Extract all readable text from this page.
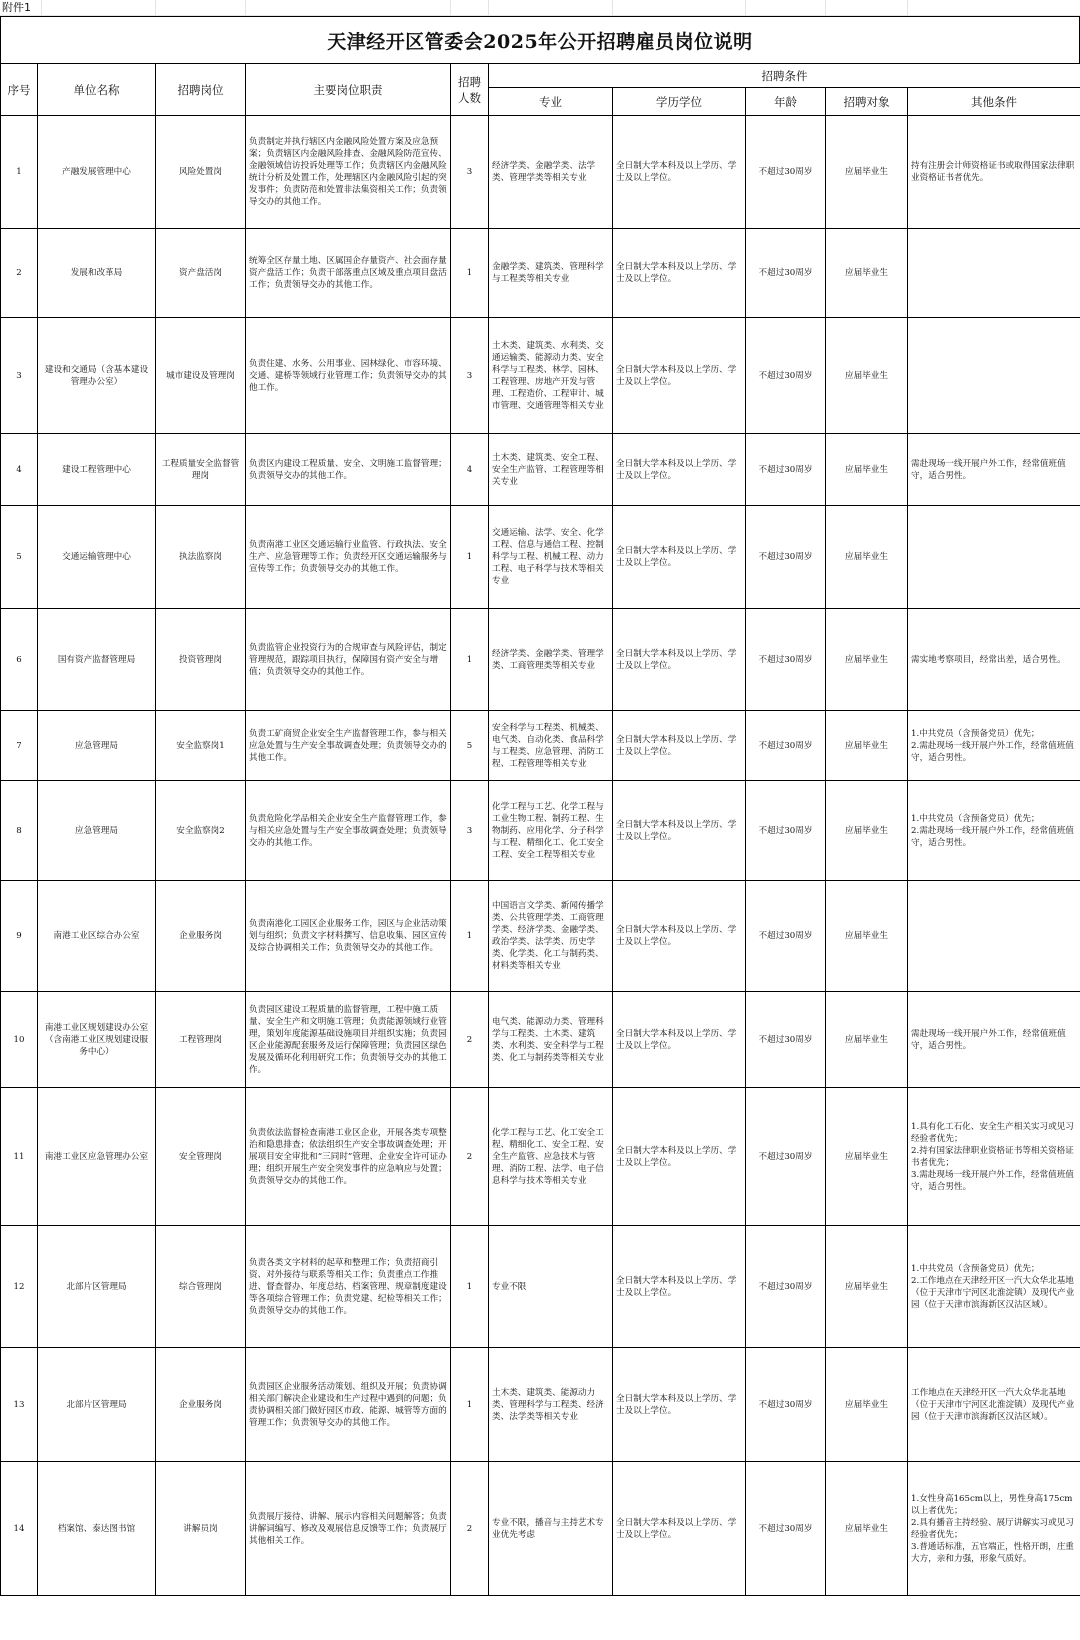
附件1
天津经开区管委会2025年公开招聘雇员岗位说明
序号	单位名称	招聘岗位	主要岗位职责	招聘人数	招聘条件				
					专业	学历学位	年龄	招聘对象	其他条件
1	产融发展管理中心	风险处置岗	负责制定并执行辖区内金融风险处置方案及应急预案；负责辖区内金融风险排查、金融风险防范宣传、金融领域信访投诉处理等工作；负责辖区内金融风险统计分析及处置工作，处理辖区内金融风险引起的突发事件；负责防范和处置非法集资相关工作；负责领导交办的其他工作。	3	经济学类、金融学类、法学类、管理学类等相关专业	全日制大学本科及以上学历、学士及以上学位。	不超过30周岁	应届毕业生	持有注册会计师资格证书或取得国家法律职业资格证书者优先。
2	发展和改革局	资产盘活岗	统筹全区存量土地、区属国企存量资产、社会面存量资产盘活工作；负责干部落重点区域及重点项目盘活工作；负责领导交办的其他工作。	1	金融学类、建筑类、管理科学与工程类等相关专业	全日制大学本科及以上学历、学士及以上学位。	不超过30周岁	应届毕业生	
3	建设和交通局（含基本建设管理办公室）	城市建设及管理岗	负责住建、水务、公用事业、园林绿化、市容环境、交通、建桥等领域行业管理工作；负责领导交办的其他工作。	3	土木类、建筑类、水利类、交通运输类、能源动力类、安全科学与工程类、林学、园林、工程管理、房地产开发与管理、工程造价、工程审计、城市管理、交通管理等相关专业	全日制大学本科及以上学历、学士及以上学位。	不超过30周岁	应届毕业生	
4	建设工程管理中心	工程质量安全监督管理岗	负责区内建设工程质量、安全、文明施工监督管理；负责领导交办的其他工作。	4	土木类、建筑类、安全工程、安全生产监管、工程管理等相关专业	全日制大学本科及以上学历、学士及以上学位。	不超过30周岁	应届毕业生	需赴现场一线开展户外工作，经常值班值守，适合男性。
5	交通运输管理中心	执法监察岗	负责南港工业区交通运输行业监管、行政执法、安全生产、应急管理等工作；负责经开区交通运输服务与宣传等工作；负责领导交办的其他工作。	1	交通运输、法学、安全、化学工程、信息与通信工程、控制科学与工程、机械工程、动力工程、电子科学与技术等相关专业	全日制大学本科及以上学历、学士及以上学位。	不超过30周岁	应届毕业生	
6	国有资产监督管理局	投资管理岗	负责监管企业投资行为的合规审查与风险评估，制定管理规范，跟踪项目执行，保障国有资产安全与增值；负责领导交办的其他工作。	1	经济学类、金融学类、管理学类、工商管理类等相关专业	全日制大学本科及以上学历、学士及以上学位。	不超过30周岁	应届毕业生	需实地考察项目，经常出差，适合男性。
7	应急管理局	安全监察岗1	负责工矿商贸企业安全生产监督管理工作，参与相关应急处置与生产安全事故调查处理；负责领导交办的其他工作。	5	安全科学与工程类、机械类、电气类、自动化类、食品科学与工程类、应急管理、消防工程、工程管理等相关专业	全日制大学本科及以上学历、学士及以上学位。	不超过30周岁	应届毕业生	1.中共党员（含预备党员）优先；
2.需赴现场一线开展户外工作，经常值班值守，适合男性。
8	应急管理局	安全监察岗2	负责危险化学品相关企业安全生产监督管理工作，参与相关应急处置与生产安全事故调查处理；负责领导交办的其他工作。	3	化学工程与工艺、化学工程与工业生物工程、制药工程、生物制药、应用化学、分子科学与工程、精细化工、化工安全工程、安全工程等相关专业	全日制大学本科及以上学历、学士及以上学位。	不超过30周岁	应届毕业生	1.中共党员（含预备党员）优先；
2.需赴现场一线开展户外工作，经常值班值守，适合男性。
9	南港工业区综合办公室	企业服务岗	负责南港化工园区企业服务工作，园区与企业活动策划与组织；负责文字材料撰写、信息收集、园区宣传及综合协调相关工作；负责领导交办的其他工作。	1	中国语言文学类、新闻传播学类、公共管理学类、工商管理学类、经济学类、金融学类、政治学类、法学类、历史学类、化学类、化工与制药类、材料类等相关专业	全日制大学本科及以上学历、学士及以上学位。	不超过30周岁	应届毕业生	
10	南港工业区规划建设办公室（含南港工业区规划建设服务中心）	工程管理岗	负责园区建设工程质量的监督管理，工程中施工质量、安全生产和文明施工管理；负责能源领域行业管理，策划年度能源基础设施项目并组织实施；负责园区企业能源配套服务及运行保障管理；负责园区绿色发展及循环化利用研究工作；负责领导交办的其他工作。	2	电气类、能源动力类、管理科学与工程类、土木类、建筑类、水利类、安全科学与工程类、化工与制药类等相关专业	全日制大学本科及以上学历、学士及以上学位。	不超过30周岁	应届毕业生	需赴现场一线开展户外工作，经常值班值守，适合男性。
11	南港工业区应急管理办公室	安全管理岗	负责依法监督检查南港工业区企业，开展各类专项整治和隐患排查；依法组织生产安全事故调查处理；开展项目安全审批和“三同时”管理、企业安全许可证办理；组织开展生产安全突发事件的应急响应与处置；负责领导交办的其他工作。	2	化学工程与工艺、化工安全工程、精细化工、安全工程、安全生产监管、应急技术与管理、消防工程、法学、电子信息科学与技术等相关专业	全日制大学本科及以上学历、学士及以上学位。	不超过30周岁	应届毕业生	1.具有化工石化、安全生产相关实习或见习经验者优先；
2.持有国家法律职业资格证书等相关资格证书者优先；
3.需赴现场一线开展户外工作，经常值班值守，适合男性。
12	北部片区管理局	综合管理岗	负责各类文字材料的起草和整理工作；负责招商引资、对外接待与联系等相关工作；负责重点工作推进、督查督办、年度总结、档案管理、规章制度建设等各项综合管理工作；负责党建、纪检等相关工作；负责领导交办的其他工作。	1	专业不限	全日制大学本科及以上学历、学士及以上学位。	不超过30周岁	应届毕业生	1.中共党员（含预备党员）优先；
2.工作地点在天津经开区一汽大众华北基地（位于天津市宁河区北淮淀镇）及现代产业园（位于天津市滨海新区汉沽区域）。
13	北部片区管理局	企业服务岗	负责园区企业服务活动策划、组织及开展；负责协调相关部门解决企业建设和生产过程中遇到的问题；负责协调相关部门做好园区市政、能源、城管等方面的管理工作；负责领导交办的其他工作。	1	土木类、建筑类、能源动力类、管理科学与工程类、经济类、法学类等相关专业	全日制大学本科及以上学历、学士及以上学位。	不超过30周岁	应届毕业生	工作地点在天津经开区一汽大众华北基地（位于天津市宁河区北淮淀镇）及现代产业园（位于天津市滨海新区汉沽区域）。
14	档案馆、泰达图书馆	讲解员岗	负责展厅接待、讲解、展示内容相关问题解答；负责讲解词编写、修改及观展信息反馈等工作；负责展厅其他相关工作。	2	专业不限，播音与主持艺术专业优先考虑	全日制大学本科及以上学历、学士及以上学位。	不超过30周岁	应届毕业生	1.女性身高165cm以上，男性身高175cm以上者优先；
2.具有播音主持经验、展厅讲解实习或见习经验者优先；
3.普通话标准，五官端正，性格开朗，庄重大方，亲和力强，形象气质好。
